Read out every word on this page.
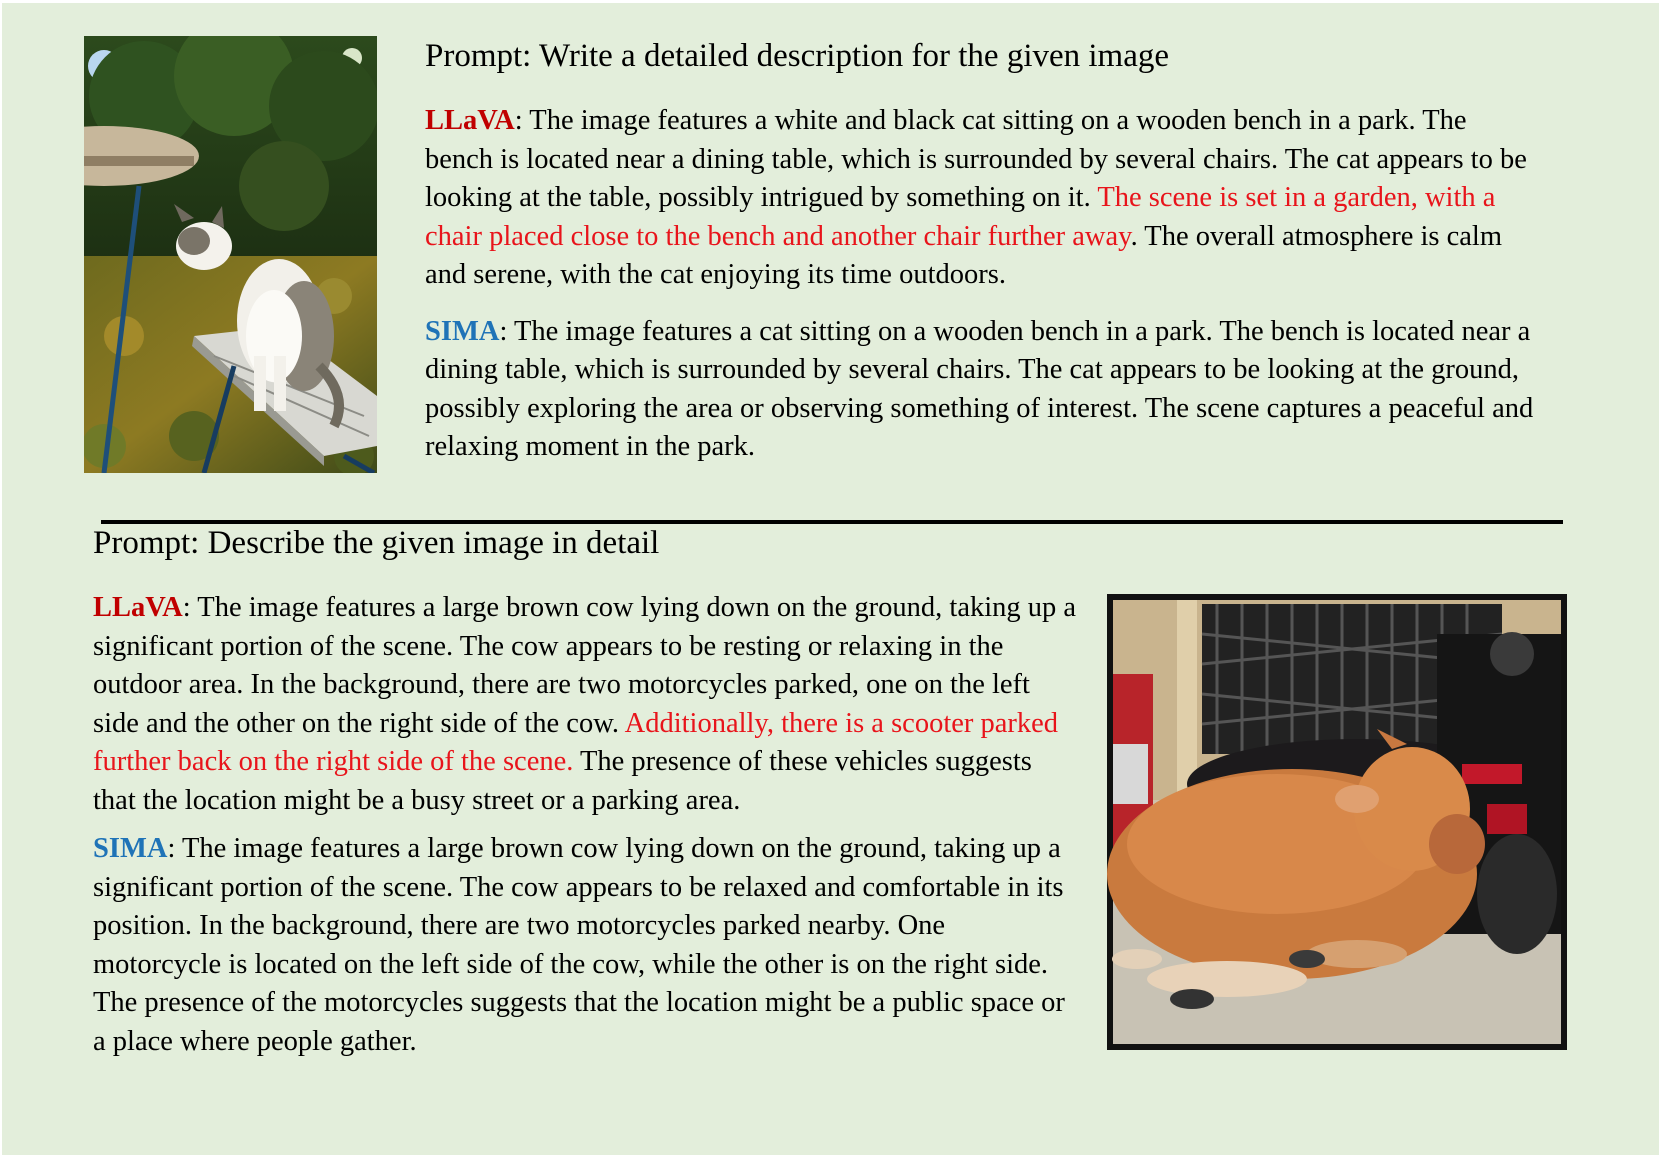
Prompt: Write a detailed description for the given image

LLaVA: The image features a white and black cat sitting on a wooden bench in a park. The bench is located near a dining table, which is surrounded by several chairs. The cat appears to be looking at the table, possibly intrigued by something on it. The scene is set in a garden, with a chair placed close to the bench and another chair further away. The overall atmosphere is calm and serene, with the cat enjoying its time outdoors.

SIMA: The image features a cat sitting on a wooden bench in a park. The bench is located near a dining table, which is surrounded by several chairs. The cat appears to be looking at the ground, possibly exploring the area or observing something of interest. The scene captures a peaceful and relaxing moment in the park.

Prompt: Describe the given image in detail

LLaVA: The image features a large brown cow lying down on the ground, taking up a significant portion of the scene. The cow appears to be resting or relaxing in the outdoor area. In the background, there are two motorcycles parked, one on the left side and the other on the right side of the cow. Additionally, there is a scooter parked further back on the right side of the scene. The presence of these vehicles suggests that the location might be a busy street or a parking area.

SIMA: The image features a large brown cow lying down on the ground, taking up a significant portion of the scene. The cow appears to be relaxed and comfortable in its position. In the background, there are two motorcycles parked nearby. One motorcycle is located on the left side of the cow, while the other is on the right side. The presence of the motorcycles suggests that the location might be a public space or a place where people gather.
